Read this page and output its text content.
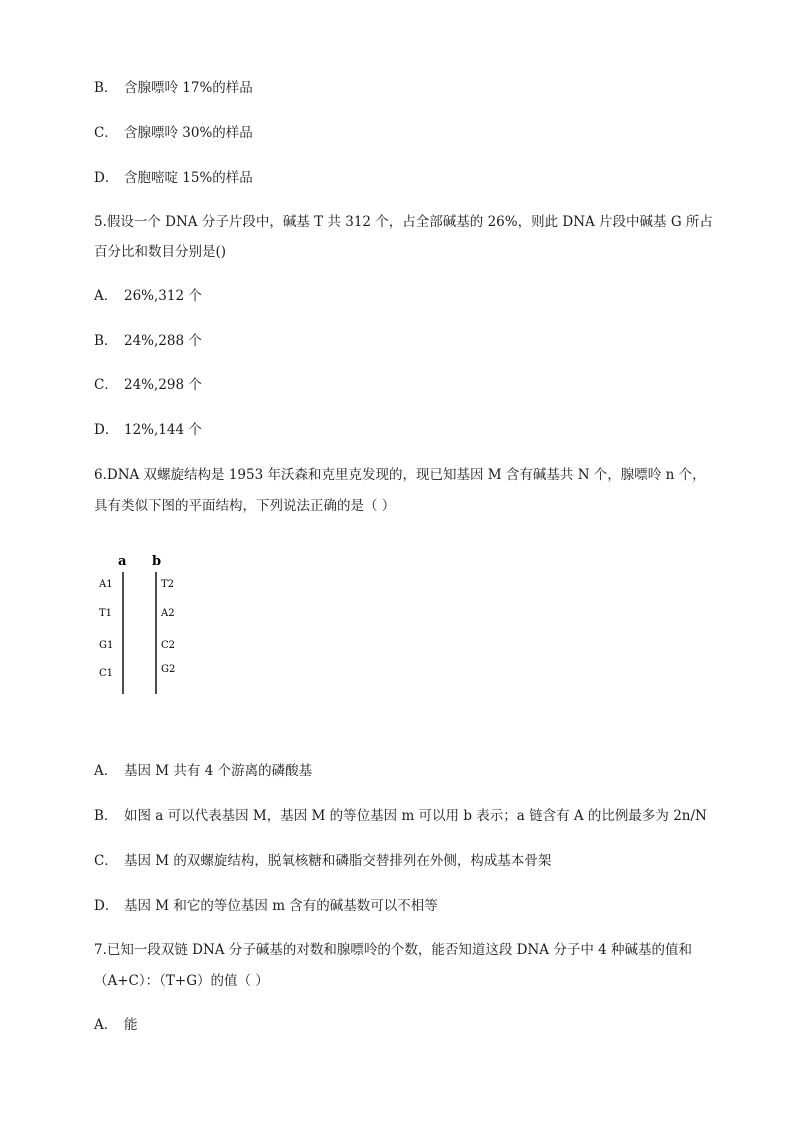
B． 含腺嘌呤 17%的样品
C． 含腺嘌呤 30%的样品
D． 含胞嘧啶 15%的样品
5.假设一个 DNA 分子片段中，碱基 T 共 312 个，占全部碱基的 26%，则此 DNA 片段中碱基 G 所占
百分比和数目分别是()
A． 26%,312 个
B． 24%,288 个
C． 24%,298 个
D． 12%,144 个
6.DNA 双螺旋结构是 1953 年沃森和克里克发现的，现已知基因 M 含有碱基共 N 个，腺嘌呤 n 个，
具有类似下图的平面结构，下列说法正确的是（ ）
a b
A1
T1
G1
C1
T2
A2
C2
G2
A． 基因 M 共有 4 个游离的磷酸基
B． 如图 a 可以代表基因 M，基因 M 的等位基因 m 可以用 b 表示；a 链含有 A 的比例最多为 2n/N
C． 基因 M 的双螺旋结构，脱氧核糖和磷脂交替排列在外侧，构成基本骨架
D． 基因 M 和它的等位基因 m 含有的碱基数可以不相等
7.已知一段双链 DNA 分子碱基的对数和腺嘌呤的个数，能否知道这段 DNA 分子中 4 种碱基的值和
（A+C）：（T+G）的值（ ）
A． 能
